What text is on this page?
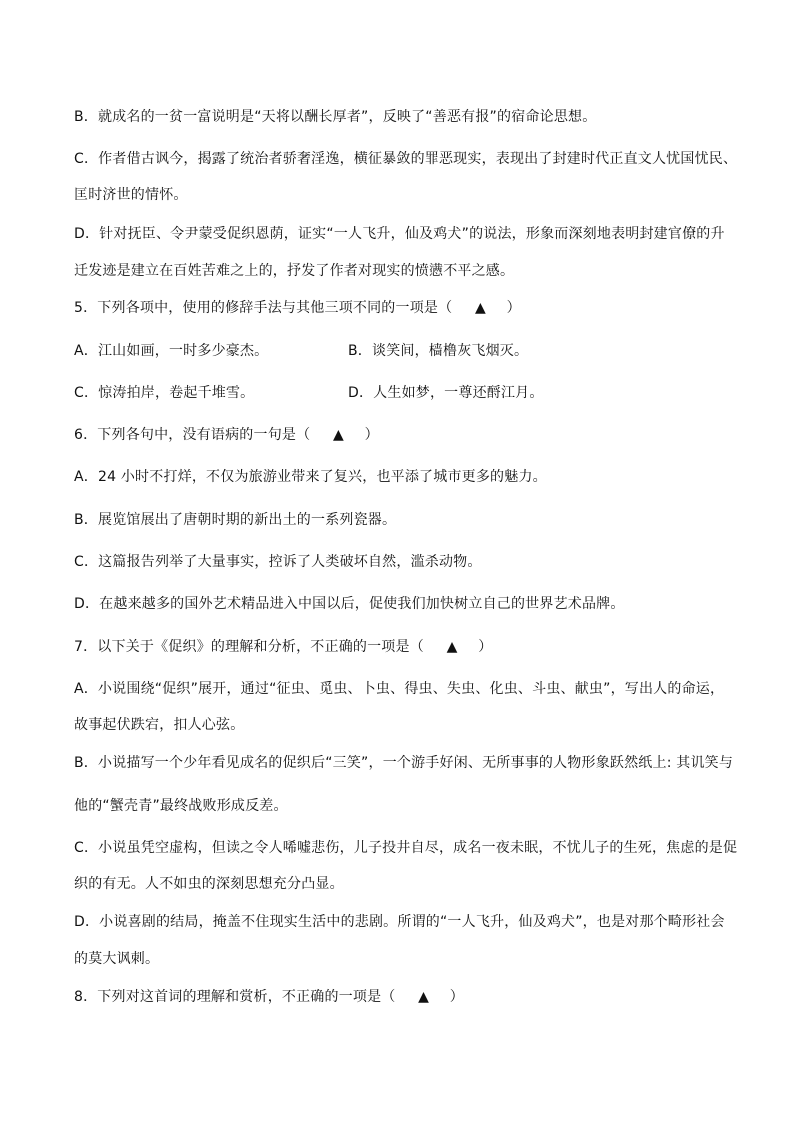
B．就成名的一贫一富说明是“天将以酬长厚者”，反映了“善恶有报”的宿命论思想。
C．作者借古讽今，揭露了统治者骄奢淫逸，横征暴敛的罪恶现实，表现出了封建时代正直文人忧国忧民、
匡时济世的情怀。
D．针对抚臣、令尹蒙受促织恩荫，证实“一人飞升，仙及鸡犬”的说法，形象而深刻地表明封建官僚的升
迁发迹是建立在百姓苦难之上的，抒发了作者对现实的愤懑不平之感。
5．下列各项中，使用的修辞手法与其他三项不同的一项是（ ▲ ）
A．江山如画，一时多少豪杰。	B．谈笑间，樯橹灰飞烟灭。
C．惊涛拍岸，卷起千堆雪。	D．人生如梦，一尊还酹江月。
6．下列各句中，没有语病的一句是（ ▲ ）
A．24 小时不打烊，不仅为旅游业带来了复兴，也平添了城市更多的魅力。
B．展览馆展出了唐朝时期的新出土的一系列瓷器。
C．这篇报告列举了大量事实，控诉了人类破坏自然，滥杀动物。
D．在越来越多的国外艺术精品进入中国以后，促使我们加快树立自己的世界艺术品牌。
7．以下关于《促织》的理解和分析，不正确的一项是（ ▲ ）
A．小说围绕“促织”展开，通过“征虫、觅虫、卜虫、得虫、失虫、化虫、斗虫、献虫”，写出人的命运，
故事起伏跌宕，扣人心弦。
B．小说描写一个少年看见成名的促织后“三笑”，一个游手好闲、无所事事的人物形象跃然纸上: 其讥笑与
他的“蟹壳青”最终战败形成反差。
C．小说虽凭空虚构，但读之令人唏嘘悲伤，儿子投井自尽，成名一夜未眠，不忧儿子的生死，焦虑的是促
织的有无。人不如虫的深刻思想充分凸显。
D．小说喜剧的结局，掩盖不住现实生活中的悲剧。所谓的“一人飞升，仙及鸡犬”，也是对那个畸形社会
的莫大讽刺。
8．下列对这首词的理解和赏析，不正确的一项是（ ▲ ）
